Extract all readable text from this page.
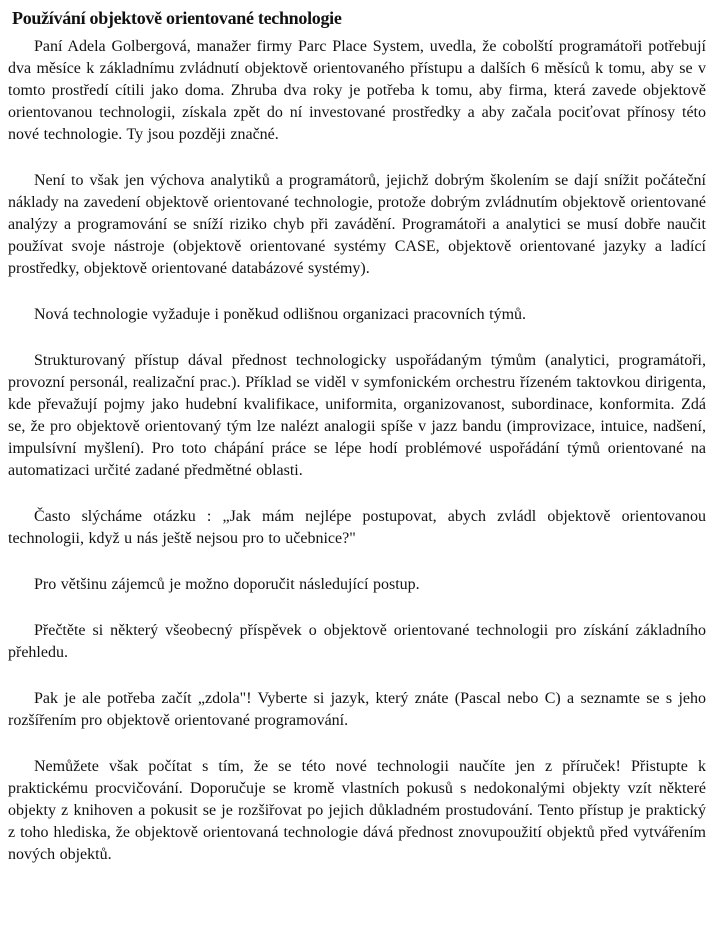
Používání objektově orientované technologie

Paní Adela Golbergová, manažer firmy Parc Place System, uvedla, že cobolští programátoři potřebují dva měsíce k základnímu zvládnutí objektově orientovaného přístupu a dalších 6 měsíců k tomu, aby se v tomto prostředí cítili jako doma. Zhruba dva roky je potřeba k tomu, aby firma, která zavede objektově orientovanou technologii, získala zpět do ní investované prostředky a aby začala pociťovat přínosy této nové technologie. Ty jsou později značné.

Není to však jen výchova analytiků a programátorů, jejichž dobrým školením se dají snížit počáteční náklady na zavedení objektově orientované technologie, protože dobrým zvládnutím objektově orientované analýzy a programování se sníží riziko chyb při zavádění. Programátoři a analytici se musí dobře naučit používat svoje nástroje (objektově orientované systémy CASE, objektově orientované jazyky a ladící prostředky, objektově orientované databázové systémy).

Nová technologie vyžaduje i poněkud odlišnou organizaci pracovních týmů.

Strukturovaný přístup dával přednost technologicky uspořádaným týmům (analytici, programátoři, provozní personál, realizační prac.). Příklad se viděl v symfonickém orchestru řízeném taktovkou dirigenta, kde převažují pojmy jako hudební kvalifikace, uniformita, organizovanost, subordinace, konformita. Zdá se, že pro objektově orientovaný tým lze nalézt analogii spíše v jazz bandu (improvizace, intuice, nadšení, impulsívní myšlení). Pro toto chápání práce se lépe hodí problémové uspořádání týmů orientované na automatizaci určité zadané předmětné oblasti.

Často slýcháme otázku : „Jak mám nejlépe postupovat, abych zvládl objektově orientovanou technologii, když u nás ještě nejsou pro to učebnice?"

Pro většinu zájemců je možno doporučit následující postup.

Přečtěte si některý všeobecný příspěvek o objektově orientované technologii pro získání základního přehledu.

Pak je ale potřeba začít „zdola"! Vyberte si jazyk, který znáte (Pascal nebo C) a seznamte se s jeho rozšířením pro objektově orientované programování.

Nemůžete však počítat s tím, že se této nové technologii naučíte jen z příruček! Přistupte k praktickému procvičování. Doporučuje se kromě vlastních pokusů s nedokonalými objekty vzít některé objekty z knihoven a pokusit se je rozšiřovat po jejich důkladném prostudování. Tento přístup je praktický z toho hlediska, že objektově orientovaná technologie dává přednost znovupoužití objektů před vytvářením nových objektů.
